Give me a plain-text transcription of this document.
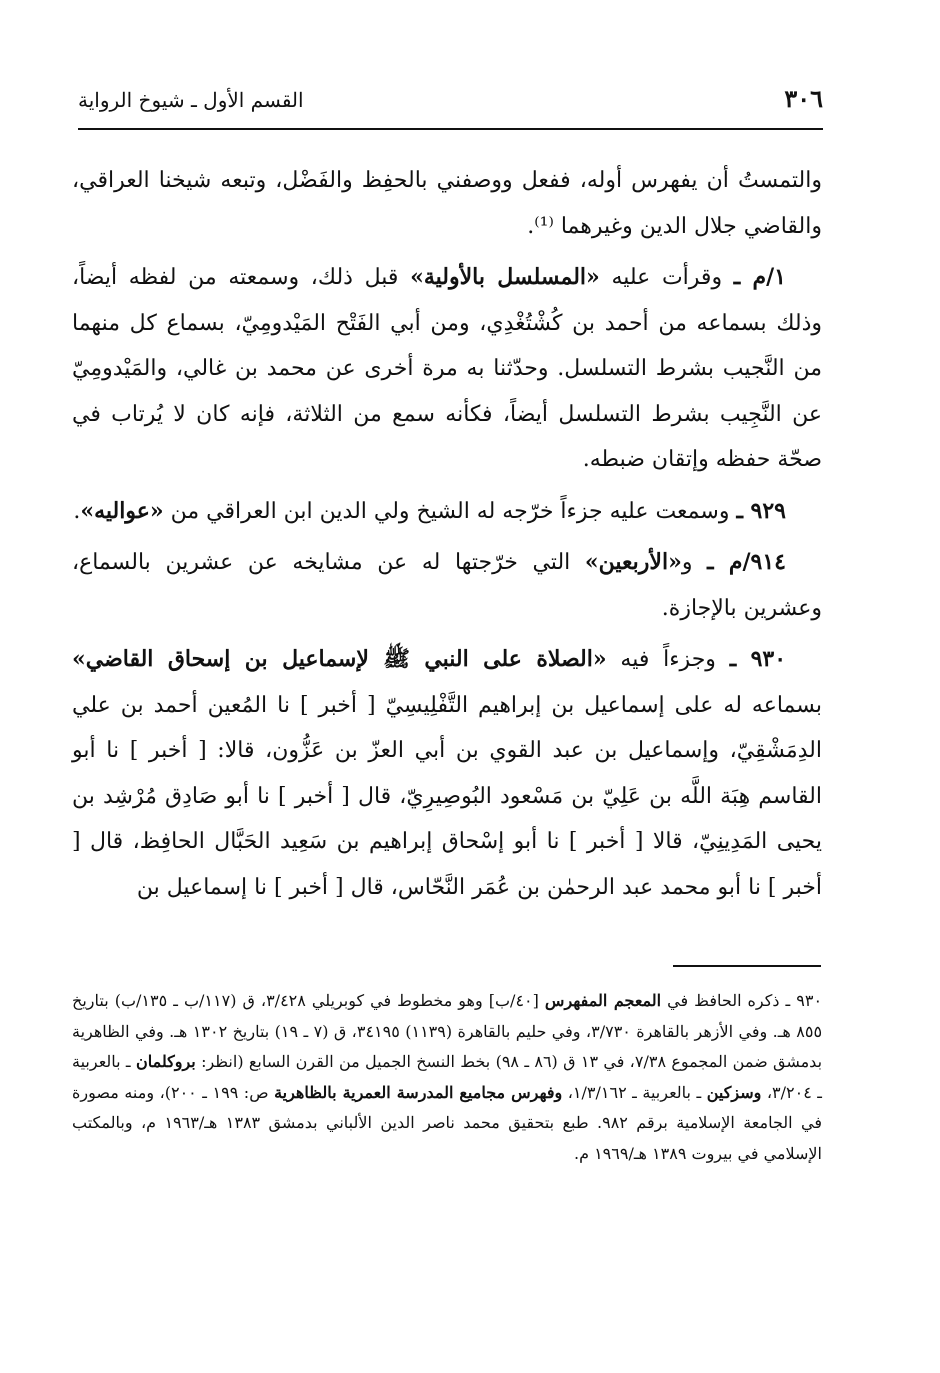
٣٠٦
القسم الأول ـ شيوخ الرواية

والتمستُ أن يفهرس أوله، ففعل ووصفني بالحفِظ والفَضْل، وتبعه شيخنا العراقي، والقاضي جلال الدين وغيرهما ⁽¹⁾.

١/م ـ وقرأت عليه «المسلسل بالأولية» قبل ذلك، وسمعته من لفظه أيضاً، وذلك بسماعه من أحمد بن كُشْتُغْدِي، ومن أبي الفَتْح المَيْدومِيّ، بسماع كل منهما من النَّجيب بشرط التسلسل. وحدّثنا به مرة أخرى عن محمد بن غالي، والمَيْدومِيّ عن النَّجِيب بشرط التسلسل أيضاً، فكأنه سمع من الثلاثة، فإنه كان لا يُرتاب في صحّة حفظه وإتقان ضبطه.

٩٢٩ ـ وسمعت عليه جزءاً خرّجه له الشيخ ولي الدين ابن العراقي من «عواليه».

٩١٤/م ـ و«الأربعين» التي خرّجتها له عن مشايخه عن عشرين بالسماع، وعشرين بالإجازة.

٩٣٠ ـ وجزءاً فيه «الصلاة على النبي ﷺ لإسماعيل بن إسحاق القاضي» بسماعه له على إسماعيل بن إبراهيم التَّفْلِيسِيّ [ أخبر ] نا المُعين أحمد بن علي الدِمَشْقِيّ، وإسماعيل بن عبد القوي بن أبي العزّ بن عَزُّون، قالا: [ أخبر ] نا أبو القاسم هِبَة اللَّه بن عَلِيّ بن مَسْعود البُوصِيرِيّ، قال [ أخبر ] نا أبو صَادِق مُرْشِد بن يحيى المَدِينِيّ، قالا [ أخبر ] نا أبو إسْحاق إبراهيم بن سَعِيد الحَبَّال الحافِظ، قال [ أخبر ] نا أبو محمد عبد الرحمٰن بن عُمَر النَّحّاس، قال [ أخبر ] نا إسماعيل بن

٩٣٠ ـ ذكره الحافظ في المعجم المفهرس [٤٠/ب] وهو مخطوط في كوبريلي ٣/٤٢٨، ق (١١٧/ب ـ ١٣٥/ب) بتاريخ ٨٥٥ هـ. وفي الأزهر بالقاهرة ٣/٧٣٠، وفي حليم بالقاهرة (١١٣٩) ٣٤١٩٥، ق (٧ ـ ١٩) بتاريخ ١٣٠٢ هـ. وفي الظاهرية بدمشق ضمن المجموع ٧/٣٨، في ١٣ ق (٨٦ ـ ٩٨) بخط النسخ الجميل من القرن السابع (انظر: بروكلمان ـ بالعربية ـ ٣/٢٠٤، وسزكين ـ بالعربية ـ ١/٣/١٦٢، وفهرس مجاميع المدرسة العمرية بالظاهرية ص: ١٩٩ ـ ٢٠٠)، ومنه مصورة في الجامعة الإسلامية برقم ٩٨٢. طبع بتحقيق محمد ناصر الدين الألباني بدمشق ١٣٨٣ هـ/١٩٦٣ م، وبالمكتب الإسلامي في بيروت ١٣٨٩ هـ/١٩٦٩ م.
